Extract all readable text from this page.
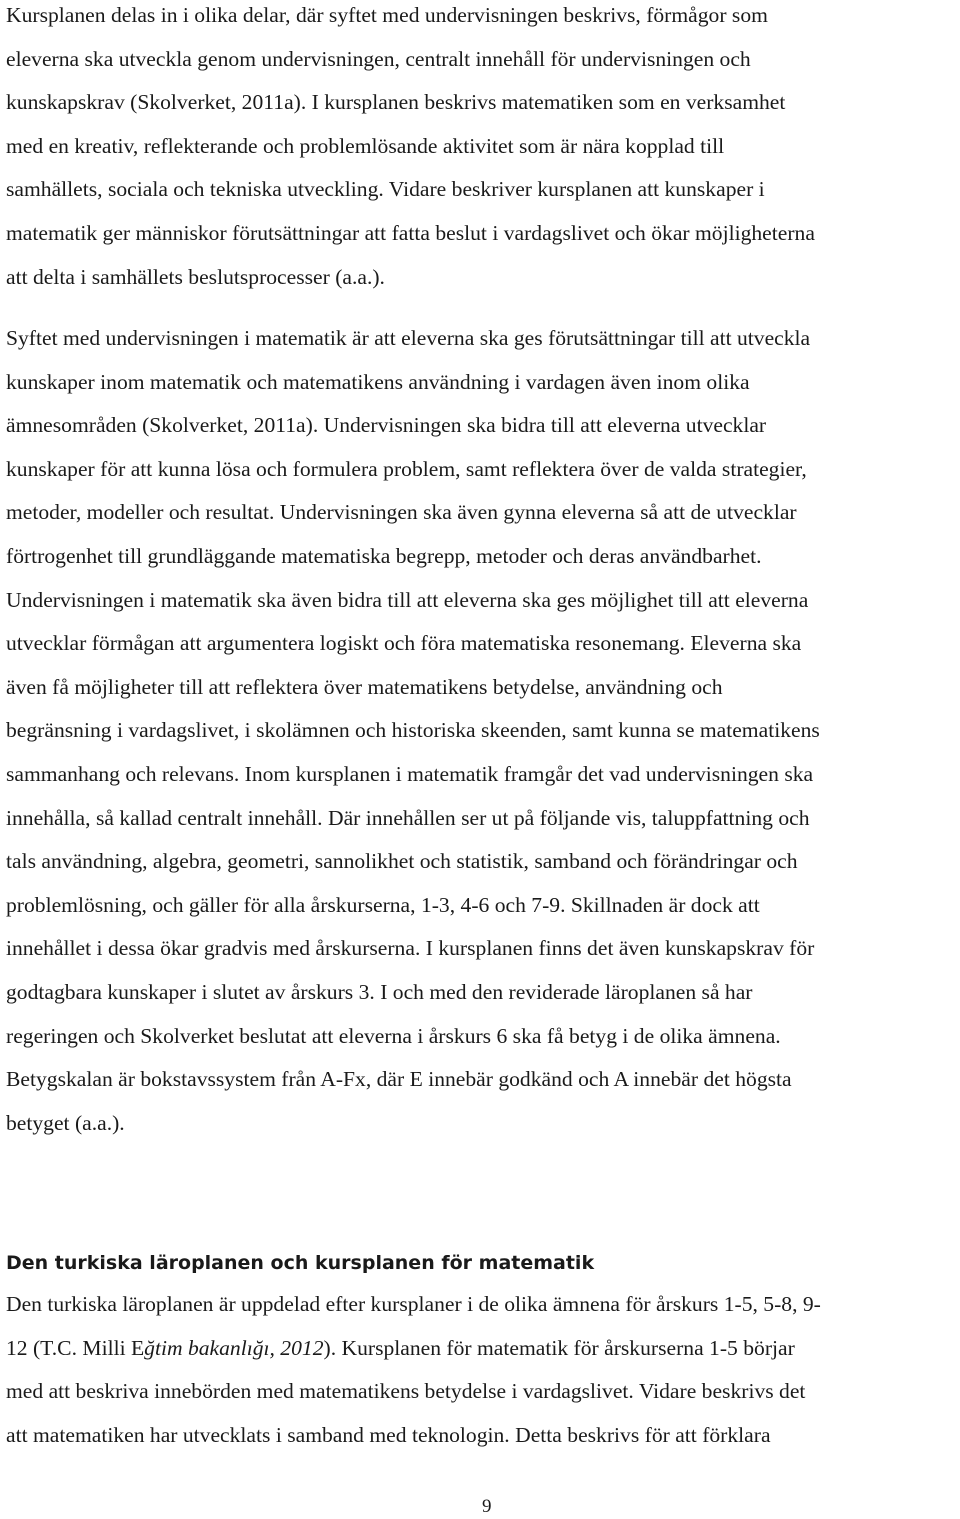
Kursplanen delas in i olika delar, där syftet med undervisningen beskrivs, förmågor som
eleverna ska utveckla genom undervisningen, centralt innehåll för undervisningen och
kunskapskrav (Skolverket, 2011a). I kursplanen beskrivs matematiken som en verksamhet
med en kreativ, reflekterande och problemlösande aktivitet som är nära kopplad till
samhällets, sociala och tekniska utveckling. Vidare beskriver kursplanen att kunskaper i
matematik ger människor förutsättningar att fatta beslut i vardagslivet och ökar möjligheterna
att delta i samhällets beslutsprocesser (a.a.).

Syftet med undervisningen i matematik är att eleverna ska ges förutsättningar till att utveckla
kunskaper inom matematik och matematikens användning i vardagen även inom olika
ämnesområden (Skolverket, 2011a). Undervisningen ska bidra till att eleverna utvecklar
kunskaper för att kunna lösa och formulera problem, samt reflektera över de valda strategier,
metoder, modeller och resultat. Undervisningen ska även gynna eleverna så att de utvecklar
förtrogenhet till grundläggande matematiska begrepp, metoder och deras användbarhet.
Undervisningen i matematik ska även bidra till att eleverna ska ges möjlighet till att eleverna
utvecklar förmågan att argumentera logiskt och föra matematiska resonemang. Eleverna ska
även få möjligheter till att reflektera över matematikens betydelse, användning och
begränsning i vardagslivet, i skolämnen och historiska skeenden, samt kunna se matematikens
sammanhang och relevans. Inom kursplanen i matematik framgår det vad undervisningen ska
innehålla, så kallad centralt innehåll. Där innehållen ser ut på följande vis, taluppfattning och
tals användning, algebra, geometri, sannolikhet och statistik, samband och förändringar och
problemlösning, och gäller för alla årskurserna, 1-3, 4-6 och 7-9. Skillnaden är dock att
innehållet i dessa ökar gradvis med årskurserna. I kursplanen finns det även kunskapskrav för
godtagbara kunskaper i slutet av årskurs 3. I och med den reviderade läroplanen så har
regeringen och Skolverket beslutat att eleverna i årskurs 6 ska få betyg i de olika ämnena.
Betygskalan är bokstavssystem från A-Fx, där E innebär godkänd och A innebär det högsta
betyget (a.a.).

Den turkiska läroplanen och kursplanen för matematik

Den turkiska läroplanen är uppdelad efter kursplaner i de olika ämnena för årskurs 1-5, 5-8, 9-
12 (T.C. Milli Eğtim bakanlığı, 2012). Kursplanen för matematik för årskurserna 1-5 börjar
med att beskriva innebörden med matematikens betydelse i vardagslivet. Vidare beskrivs det
att matematiken har utvecklats i samband med teknologin. Detta beskrivs för att förklara

9
